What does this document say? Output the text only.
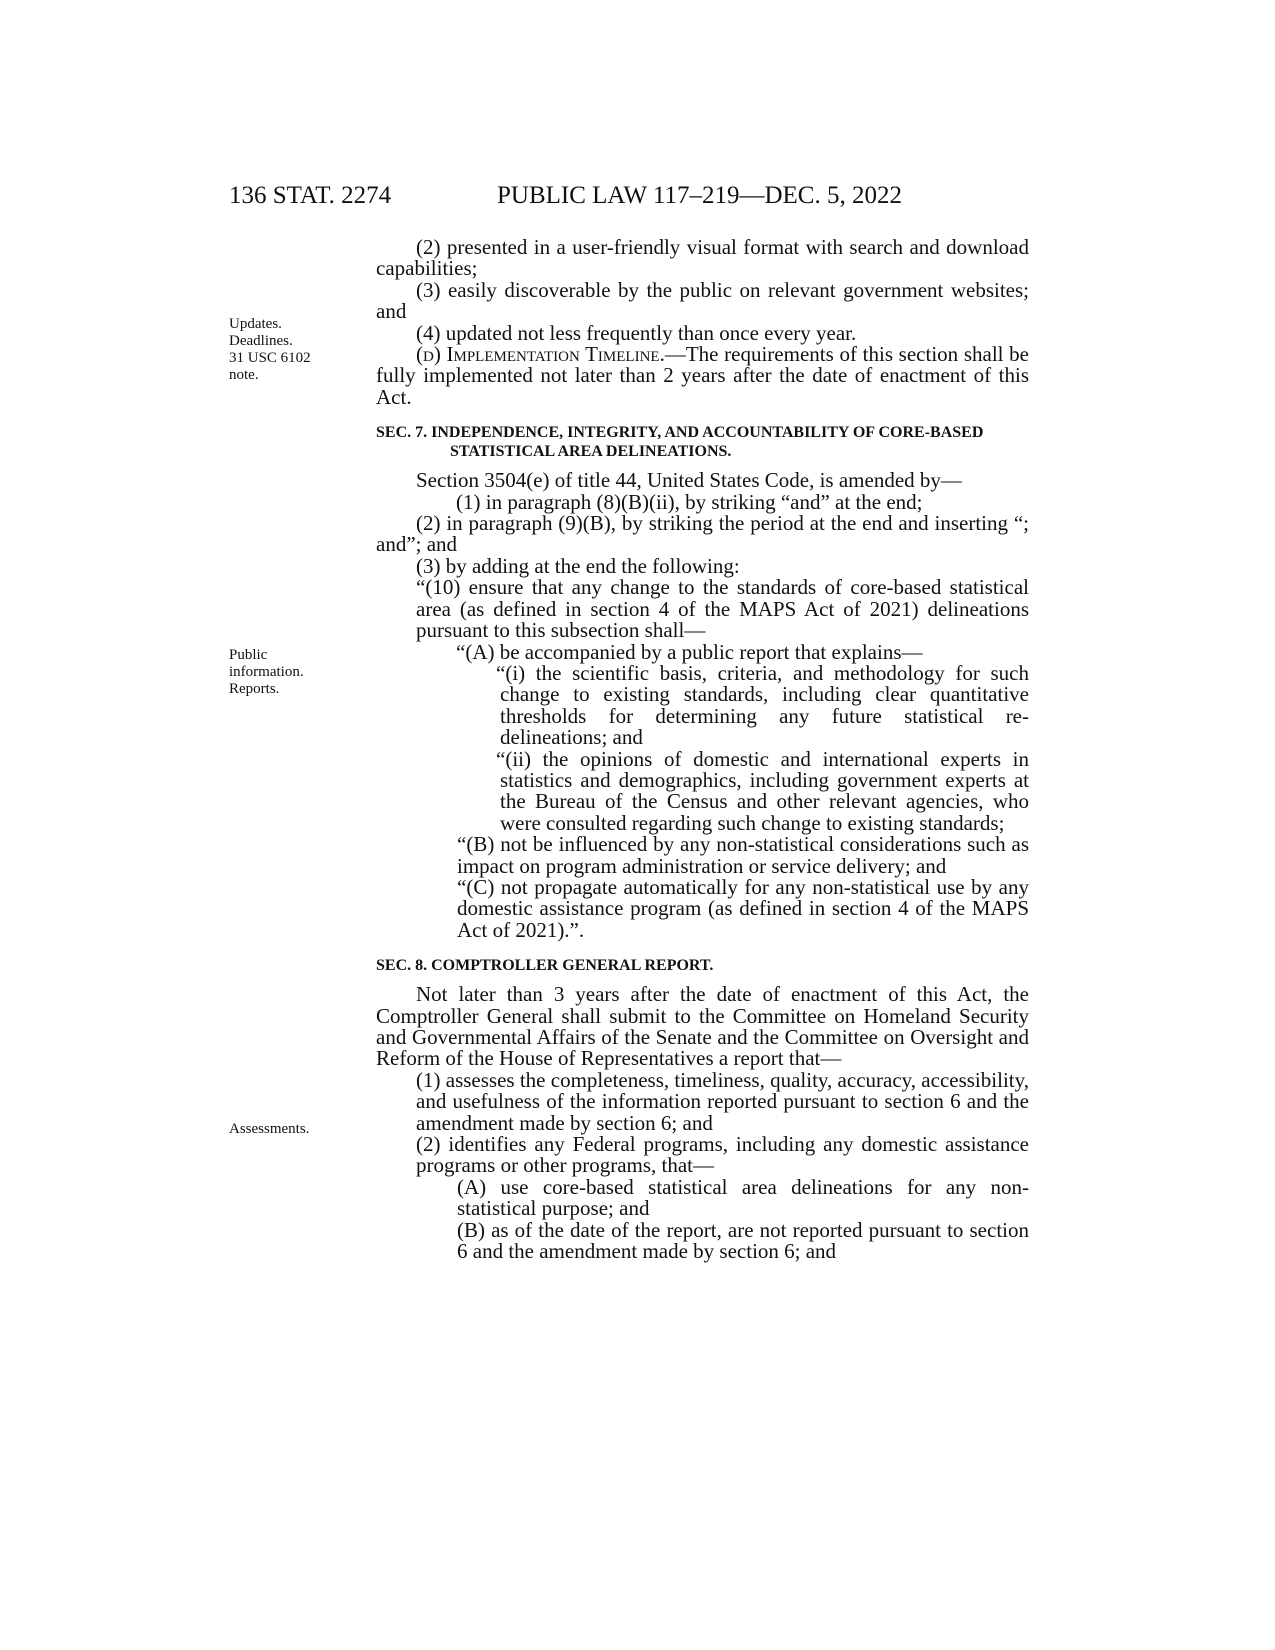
136 STAT. 2274	PUBLIC LAW 117–219—DEC. 5, 2022
Updates.
Deadlines.
31 USC 6102
note.
Public
information.
Reports.
Assessments.

(2) presented in a user-friendly visual format with search and download capabilities;

(3) easily discoverable by the public on relevant government websites; and

(4) updated not less frequently than once every year.

(d) Implementation Timeline.—The requirements of this section shall be fully implemented not later than 2 years after the date of enactment of this Act.

SEC. 7. INDEPENDENCE, INTEGRITY, AND ACCOUNTABILITY OF CORE-BASED STATISTICAL AREA DELINEATIONS.

Section 3504(e) of title 44, United States Code, is amended by—

(1) in paragraph (8)(B)(ii), by striking “and” at the end;

(2) in paragraph (9)(B), by striking the period at the end and inserting “; and”; and

(3) by adding at the end the following:

“(10) ensure that any change to the standards of core-based statistical area (as defined in section 4 of the MAPS Act of 2021) delineations pursuant to this subsection shall—

“(A) be accompanied by a public report that explains—

“(i) the scientific basis, criteria, and methodology for such change to existing standards, including clear quantitative thresholds for determining any future statistical re-delineations; and

“(ii) the opinions of domestic and international experts in statistics and demographics, including government experts at the Bureau of the Census and other relevant agencies, who were consulted regarding such change to existing standards;

“(B) not be influenced by any non-statistical considerations such as impact on program administration or service delivery; and

“(C) not propagate automatically for any non-statistical use by any domestic assistance program (as defined in section 4 of the MAPS Act of 2021).”.

SEC. 8. COMPTROLLER GENERAL REPORT.

Not later than 3 years after the date of enactment of this Act, the Comptroller General shall submit to the Committee on Homeland Security and Governmental Affairs of the Senate and the Committee on Oversight and Reform of the House of Representatives a report that—

(1) assesses the completeness, timeliness, quality, accuracy, accessibility, and usefulness of the information reported pursuant to section 6 and the amendment made by section 6; and

(2) identifies any Federal programs, including any domestic assistance programs or other programs, that—

(A) use core-based statistical area delineations for any non-statistical purpose; and

(B) as of the date of the report, are not reported pursuant to section 6 and the amendment made by section 6; and
